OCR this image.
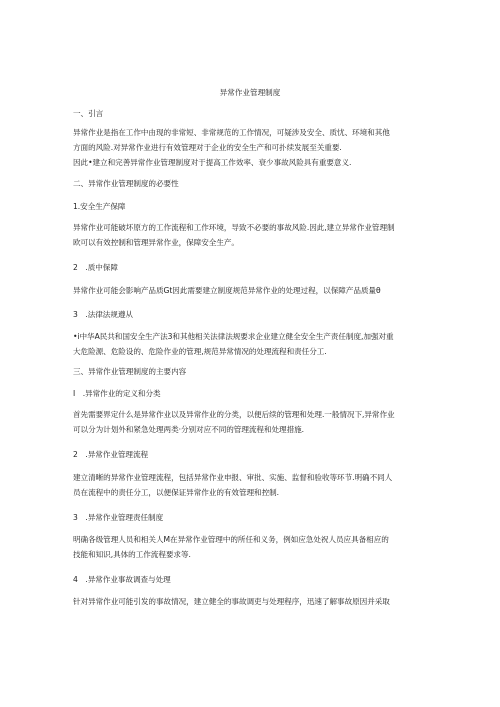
异常作业管理制度
一、引言
异常作业是指在工作中由现的非常短、非常规范的工作情况，可疑涉及安全、质忧、环境和其他
方面的风险.对异常作业进行有效管理对于企业的安全生产和可扑续发展至关重要.
因此•建立和完善异常作业管理制度对于提高工作效率、衰少事故风险具有重要意义.
二、异常作业管理制度的必要性
1.安全生产保障
异常作业可能破坏原方的工作流程和工作环境，导致不必要的事故风险.因此,建立异常作业管理制
欧可以有效控制和管理异常作业，保障安全生产。
2　.质中保障
异常作业可能会影响产品质Gt因此需要建立制度规范异常作业的处理过程，以保障产品质量θ
3　.法律法规遵从
•i中华A民共和国安全生产法3和其他相关法律法规要求企业建立健全安全生产责任制度,加强对重
大危险源、危险设的、危险作业的管理,规范异常情况的处理流程和责任分工.
三、异常作业管理制度的主要内容
I　.异常作业的定义和分类
首先需要界定什么是异常作业以及异常作业的分类，以便后续的管理和处理.一般情况下,异常作业
可以分为计划外和紧急处理两类·分别对应不同的管理流程和处理措施.
2　.异常作业管理流程
建立清晰的异常作业管理流程，包括异常作业申报、审批、实施、监督和验收等环节.明确不同人
员在流程中的责任分工，以便保证异常作业的有效管理和控制.
3　.异常作业管理责任制度
明确各级管理人员和相关人M在异常作业管理中的所任和义务，例如应急处祝人员应具备相应的
技能和知识,具体的工作流程要求等.
4　.异常作业事故调查与处理
针对异常作业可能引发的事故情况，建立健全的事故调吏与处理程序，迅速了解事故原因并采取
